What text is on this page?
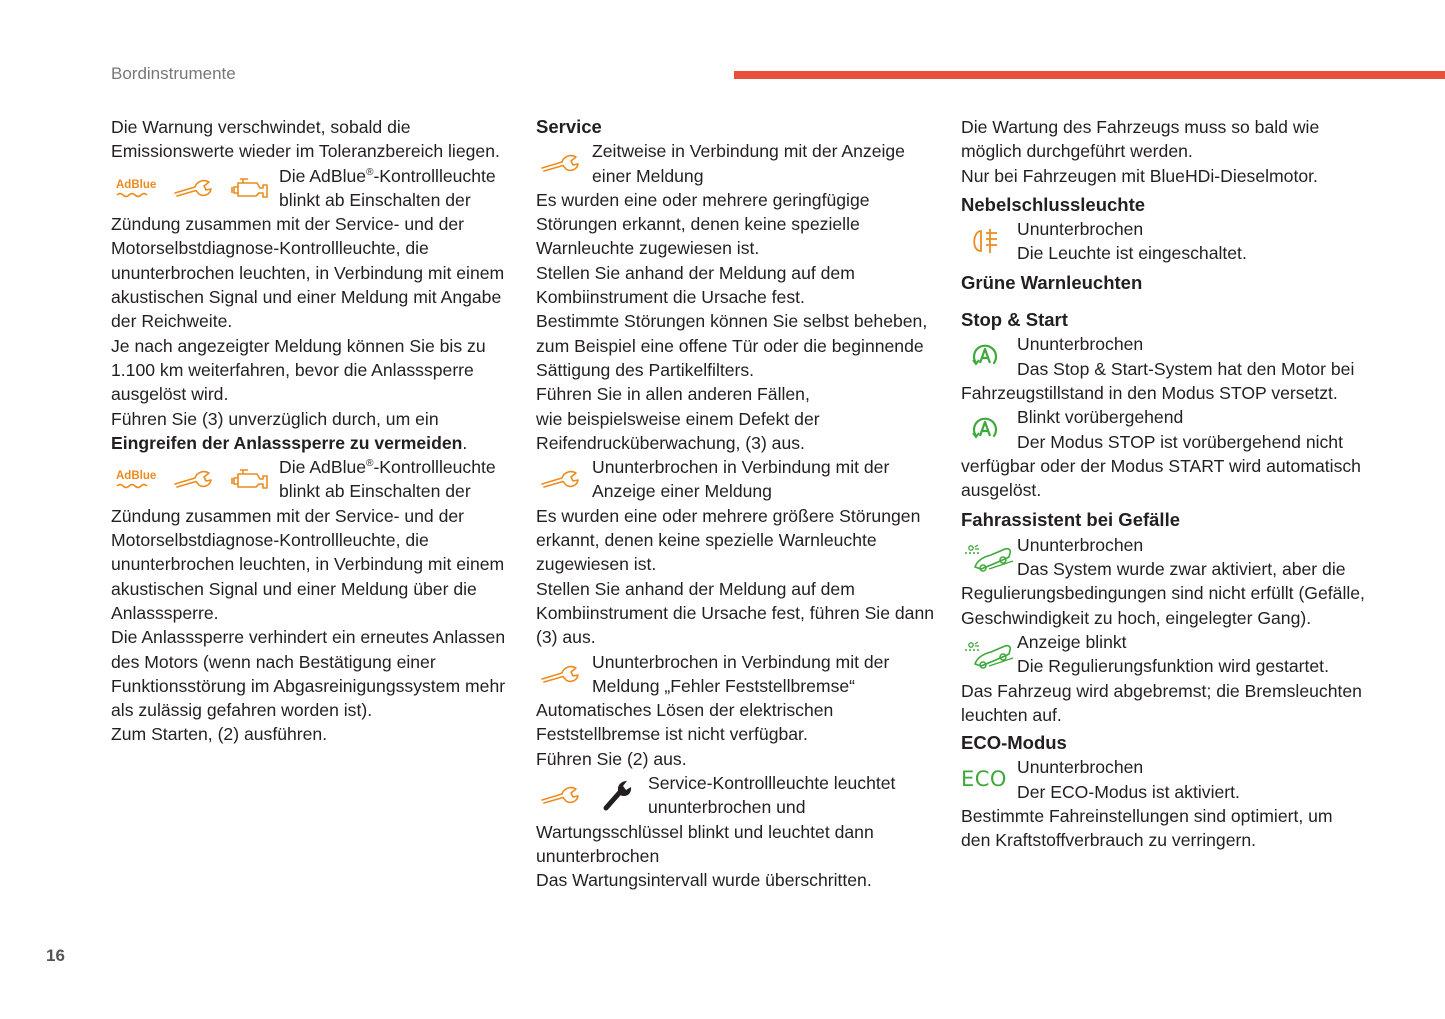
Bordinstrumente
16

Die Warnung verschwindet, sobald die Emissionswerte wieder im Toleranzbereich liegen.

AdBlue	Die AdBlue®-Kontrollleuchte blinkt ab Einschalten der Zündung zusammen mit der Service- und der Motorselbstdiagnose-Kontrollleuchte, die ununterbrochen leuchten, in Verbindung mit einem akustischen Signal und einer Meldung mit Angabe der Reichweite.

Je nach angezeigter Meldung können Sie bis zu 1.100 km weiterfahren, bevor die Anlasssperre ausgelöst wird.

Führen Sie (3) unverzüglich durch, um ein
Eingreifen der Anlasssperre zu vermeiden.

AdBlue	Die AdBlue®-Kontrollleuchte blinkt ab Einschalten der Zündung zusammen mit der Service- und der Motorselbstdiagnose-Kontrollleuchte, die ununterbrochen leuchten, in Verbindung mit einem akustischen Signal und einer Meldung über die Anlasssperre.

Die Anlasssperre verhindert ein erneutes Anlassen des Motors (wenn nach Bestätigung einer Funktionsstörung im Abgasreinigungssystem mehr als zulässig gefahren worden ist).

Zum Starten, (2) ausführen.

Service

Zeitweise in Verbindung mit der Anzeige einer Meldung

Es wurden eine oder mehrere geringfügige Störungen erkannt, denen keine spezielle Warnleuchte zugewiesen ist.

Stellen Sie anhand der Meldung auf dem Kombiinstrument die Ursache fest.

Bestimmte Störungen können Sie selbst beheben, zum Beispiel eine offene Tür oder die beginnende Sättigung des Partikelfilters.

Führen Sie in allen anderen Fällen,

wie beispielsweise einem Defekt der Reifendrucküberwachung, (3) aus.

Ununterbrochen in Verbindung mit der Anzeige einer Meldung

Es wurden eine oder mehrere größere Störungen erkannt, denen keine spezielle Warnleuchte zugewiesen ist.

Stellen Sie anhand der Meldung auf dem Kombiinstrument die Ursache fest, führen Sie dann (3) aus.

Ununterbrochen in Verbindung mit der Meldung „Fehler Feststellbremse“

Automatisches Lösen der elektrischen Feststellbremse ist nicht verfügbar.

Führen Sie (2) aus.

Service-Kontrollleuchte leuchtet ununterbrochen und

Wartungsschlüssel blinkt und leuchtet dann ununterbrochen

Das Wartungsintervall wurde überschritten.

Die Wartung des Fahrzeugs muss so bald wie möglich durchgeführt werden.

Nur bei Fahrzeugen mit BlueHDi-Dieselmotor.

Nebelschlussleuchte

Ununterbrochen

Die Leuchte ist eingeschaltet.

Grüne Warnleuchten

Stop & Start

Ununterbrochen

Das Stop & Start-System hat den Motor bei Fahrzeugstillstand in den Modus STOP versetzt.

Blinkt vorübergehend

Der Modus STOP ist vorübergehend nicht verfügbar oder der Modus START wird automatisch ausgelöst.

Fahrassistent bei Gefälle

Ununterbrochen

Das System wurde zwar aktiviert, aber die Regulierungsbedingungen sind nicht erfüllt (Gefälle, Geschwindigkeit zu hoch, eingelegter Gang).

Anzeige blinkt

Die Regulierungsfunktion wird gestartet.

Das Fahrzeug wird abgebremst; die Bremsleuchten leuchten auf.

ECO-Modus

ECO Ununterbrochen

Der ECO-Modus ist aktiviert.

Bestimmte Fahreinstellungen sind optimiert, um den Kraftstoffverbrauch zu verringern.
